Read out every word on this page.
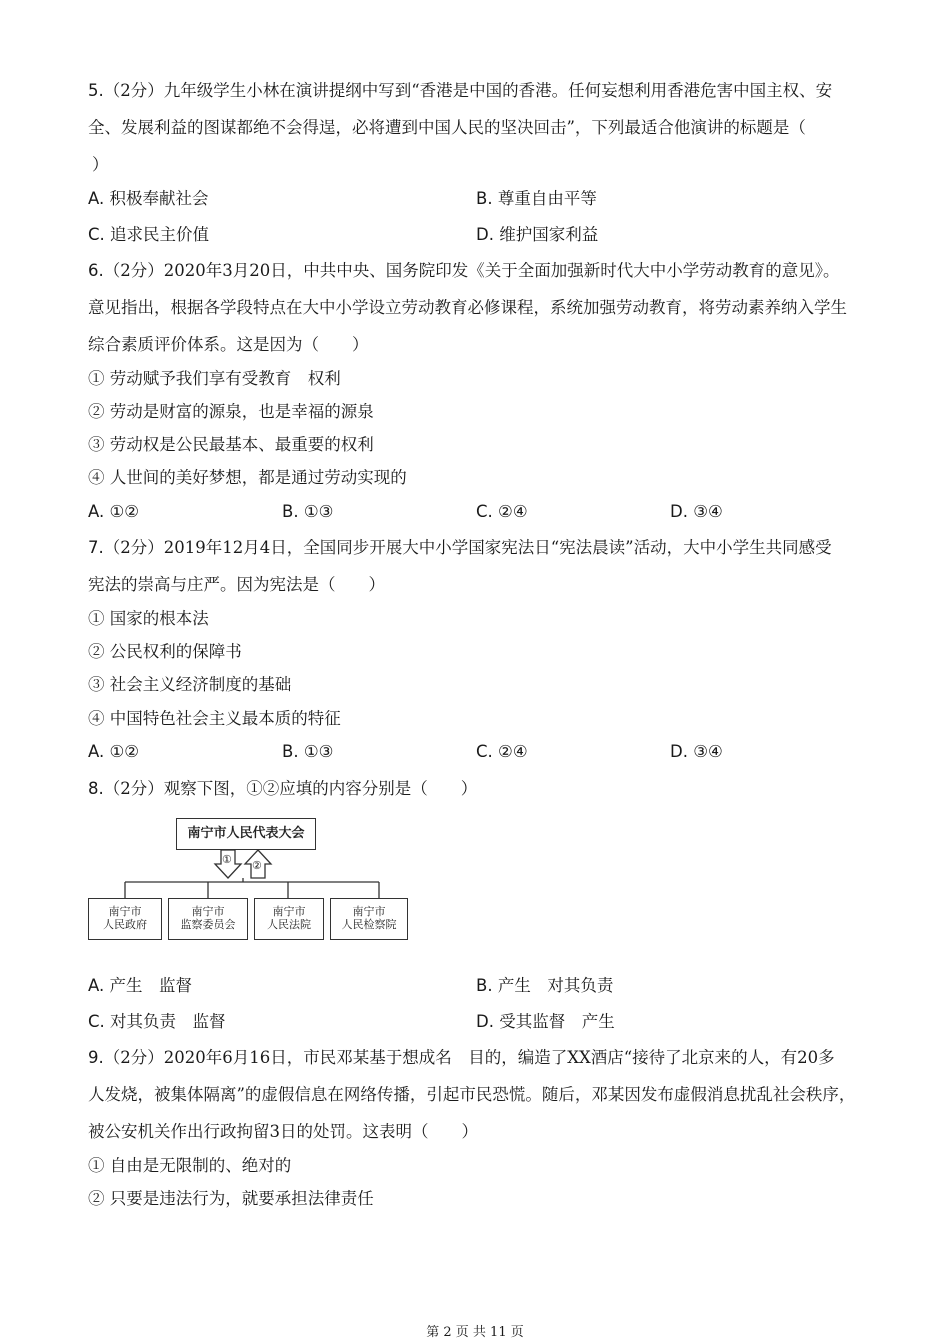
5.（2分）九年级学生小林在演讲提纲中写到“香港是中国的香港。任何妄想利用香港危害中国主权、安
全、发展利益的图谋都绝不会得逞，必将遭到中国人民的坚决回击”，下列最适合他演讲的标题是（
）
A. 积极奉献社会	B. 尊重自由平等
C. 追求民主价值	D. 维护国家利益
6.（2分）2020年3月20日，中共中央、国务院印发《关于全面加强新时代大中小学劳动教育的意见》。
意见指出，根据各学段特点在大中小学设立劳动教育必修课程，系统加强劳动教育，将劳动素养纳入学生
综合素质评价体系。这是因为（　　）
① 劳动赋予我们享有受教育　权利
② 劳动是财富的源泉，也是幸福的源泉
③ 劳动权是公民最基本、最重要的权利
④ 人世间的美好梦想，都是通过劳动实现的
A. ①②	B. ①③	C. ②④	D. ③④
7.（2分）2019年12月4日，全国同步开展大中小学国家宪法日“宪法晨读”活动，大中小学生共同感受
宪法的崇高与庄严。因为宪法是（　　）
① 国家的根本法
② 公民权利的保障书
③ 社会主义经济制度的基础
④ 中国特色社会主义最本质的特征
A. ①②	B. ①③	C. ②④	D. ③④
8.（2分）观察下图，①②应填的内容分别是（　　）
南宁市人民代表大会
① ②
南宁市
人民政府
南宁市
监察委员会
南宁市
人民法院
南宁市
人民检察院
A. 产生　监督	B. 产生　对其负责
C. 对其负责　监督	D. 受其监督　产生
9.（2分）2020年6月16日，市民邓某基于想成名　目的，编造了XX酒店“接待了北京来的人，有20多
人发烧，被集体隔离”的虚假信息在网络传播，引起市民恐慌。随后，邓某因发布虚假消息扰乱社会秩序，
被公安机关作出行政拘留3日的处罚。这表明（　　）
① 自由是无限制的、绝对的
② 只要是违法行为，就要承担法律责任
第 2 页 共 11 页
